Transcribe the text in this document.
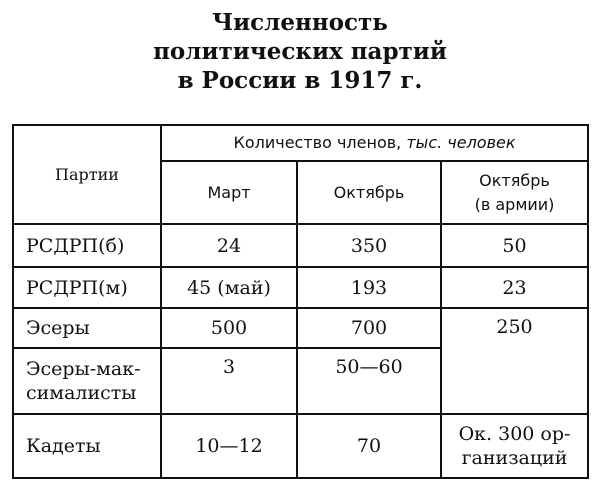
Численность
политических партий
в России в 1917 г.
Партии	Количество членов, тыс. человек		
	Март	Октябрь	Октябрь
(в армии)

РСДРП(б)	24	350	50
РСДРП(м)	45 (май)	193	23
Эсеры	500	700	250

Эсеры-мак-
сималисты	3	50—60	
Кадеты	10—12	70	Ок. 300 ор-
ганизаций
